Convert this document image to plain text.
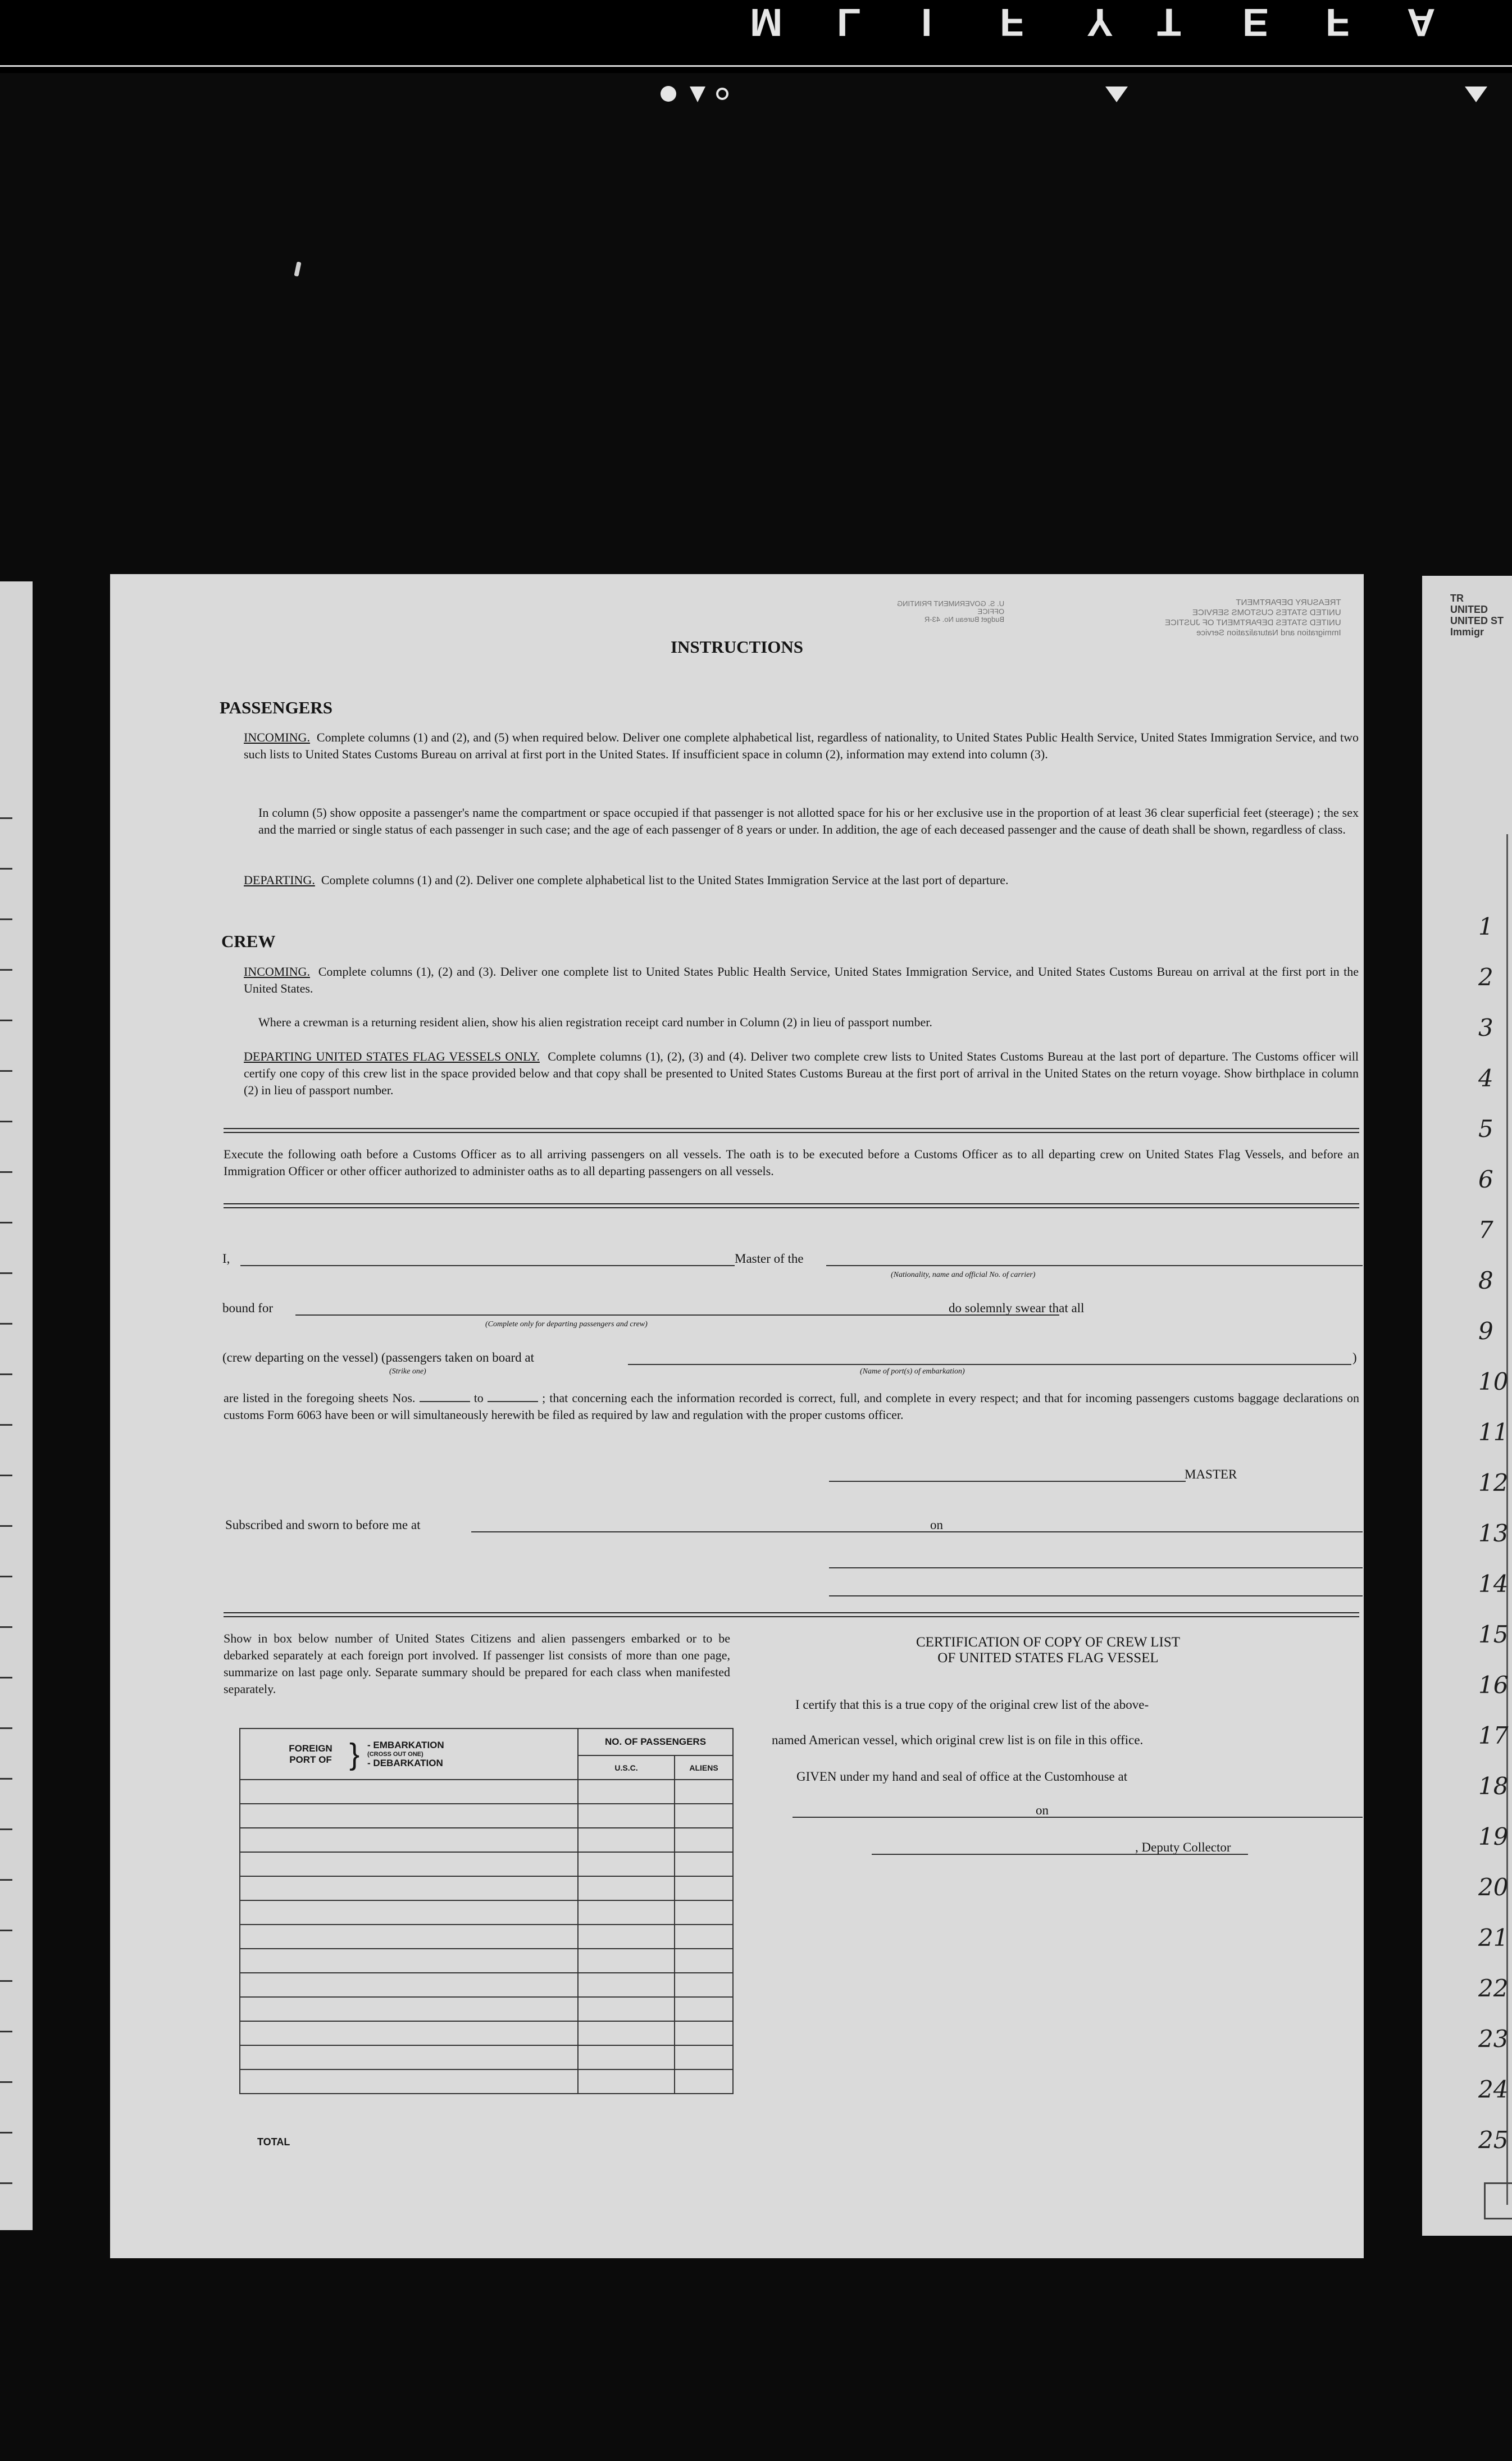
A
F
E
T
Y
F
I
L
M
TR
UNITED
UNITED ST
Immigr
1
2
3
4
5
6
7
8
9
10
11
12
13
14
15
16
17
18
19
20
21
22
23
24
25
TREASURY DEPARTMENT
UNITED STATES CUSTOMS SERVICE
UNITED STATES DEPARTMENT OF JUSTICE
Immigration and Naturalization Service
U. S. GOVERNMENT PRINTING
OFFICE
Budget Bureau No. 43-R
INSTRUCTIONS
PASSENGERS
INCOMING. Complete columns (1) and (2), and (5) when required below. Deliver one complete alphabetical list, regardless of nationality, to United States Public Health Service, United States Immigration Service, and two such lists to United States Customs Bureau on arrival at first port in the United States. If insufficient space in column (2), information may extend into column (3).
In column (5) show opposite a passenger's name the compartment or space occupied if that passenger is not allotted space for his or her exclusive use in the proportion of at least 36 clear superficial feet (steerage) ; the sex and the married or single status of each passenger in such case; and the age of each passenger of 8 years or under. In addition, the age of each deceased passenger and the cause of death shall be shown, regardless of class.
DEPARTING. Complete columns (1) and (2). Deliver one complete alphabetical list to the United States Immigration Service at the last port of departure.
CREW
INCOMING. Complete columns (1), (2) and (3). Deliver one complete list to United States Public Health Service, United States Immigration Service, and United States Customs Bureau on arrival at the first port in the United States.
Where a crewman is a returning resident alien, show his alien registration receipt card number in Column (2) in lieu of passport number.
DEPARTING UNITED STATES FLAG VESSELS ONLY. Complete columns (1), (2), (3) and (4). Deliver two complete crew lists to United States Customs Bureau at the last port of departure. The Customs officer will certify one copy of this crew list in the space provided below and that copy shall be presented to United States Customs Bureau at the first port of arrival in the United States on the return voyage. Show birthplace in column (2) in lieu of passport number.
Execute the following oath before a Customs Officer as to all arriving passengers on all vessels. The oath is to be executed before a Customs Officer as to all departing crew on United States Flag Vessels, and before an Immigration Officer or other officer authorized to administer oaths as to all departing passengers on all vessels.
I,	Master of the
(Nationality, name and official No. of carrier)
bound for	do solemnly swear that all
(Complete only for departing passengers and crew)
(crew departing on the vessel) (passengers taken on board at	)
(Strike one)	(Name of port(s) of embarkation)
are listed in the foregoing sheets Nos.	to	; that concerning each the information recorded is correct, full, and complete in every respect; and that for incoming passengers customs baggage declarations on customs Form 6063 have been or will simultaneously herewith be filed as required by law and regulation with the proper customs officer.
MASTER
Subscribed and sworn to before me at	on
Show in box below number of United States Citizens and alien passengers embarked or to be debarked separately at each foreign port involved. If passenger list consists of more than one page, summarize on last page only. Separate summary should be prepared for each class when manifested separately.
FOREIGN PORT OF } - EMBARKATION
(CROSS OUT ONE)
- DEBARKATION	NO. OF PASSENGERS	
	U.S.C.	ALIENS

TOTAL
CERTIFICATION OF COPY OF CREW LIST
OF UNITED STATES FLAG VESSEL
I certify that this is a true copy of the original crew list of the above-
named American vessel, which original crew list is on file in this office.
GIVEN under my hand and seal of office at the Customhouse at
on
, Deputy Collector
